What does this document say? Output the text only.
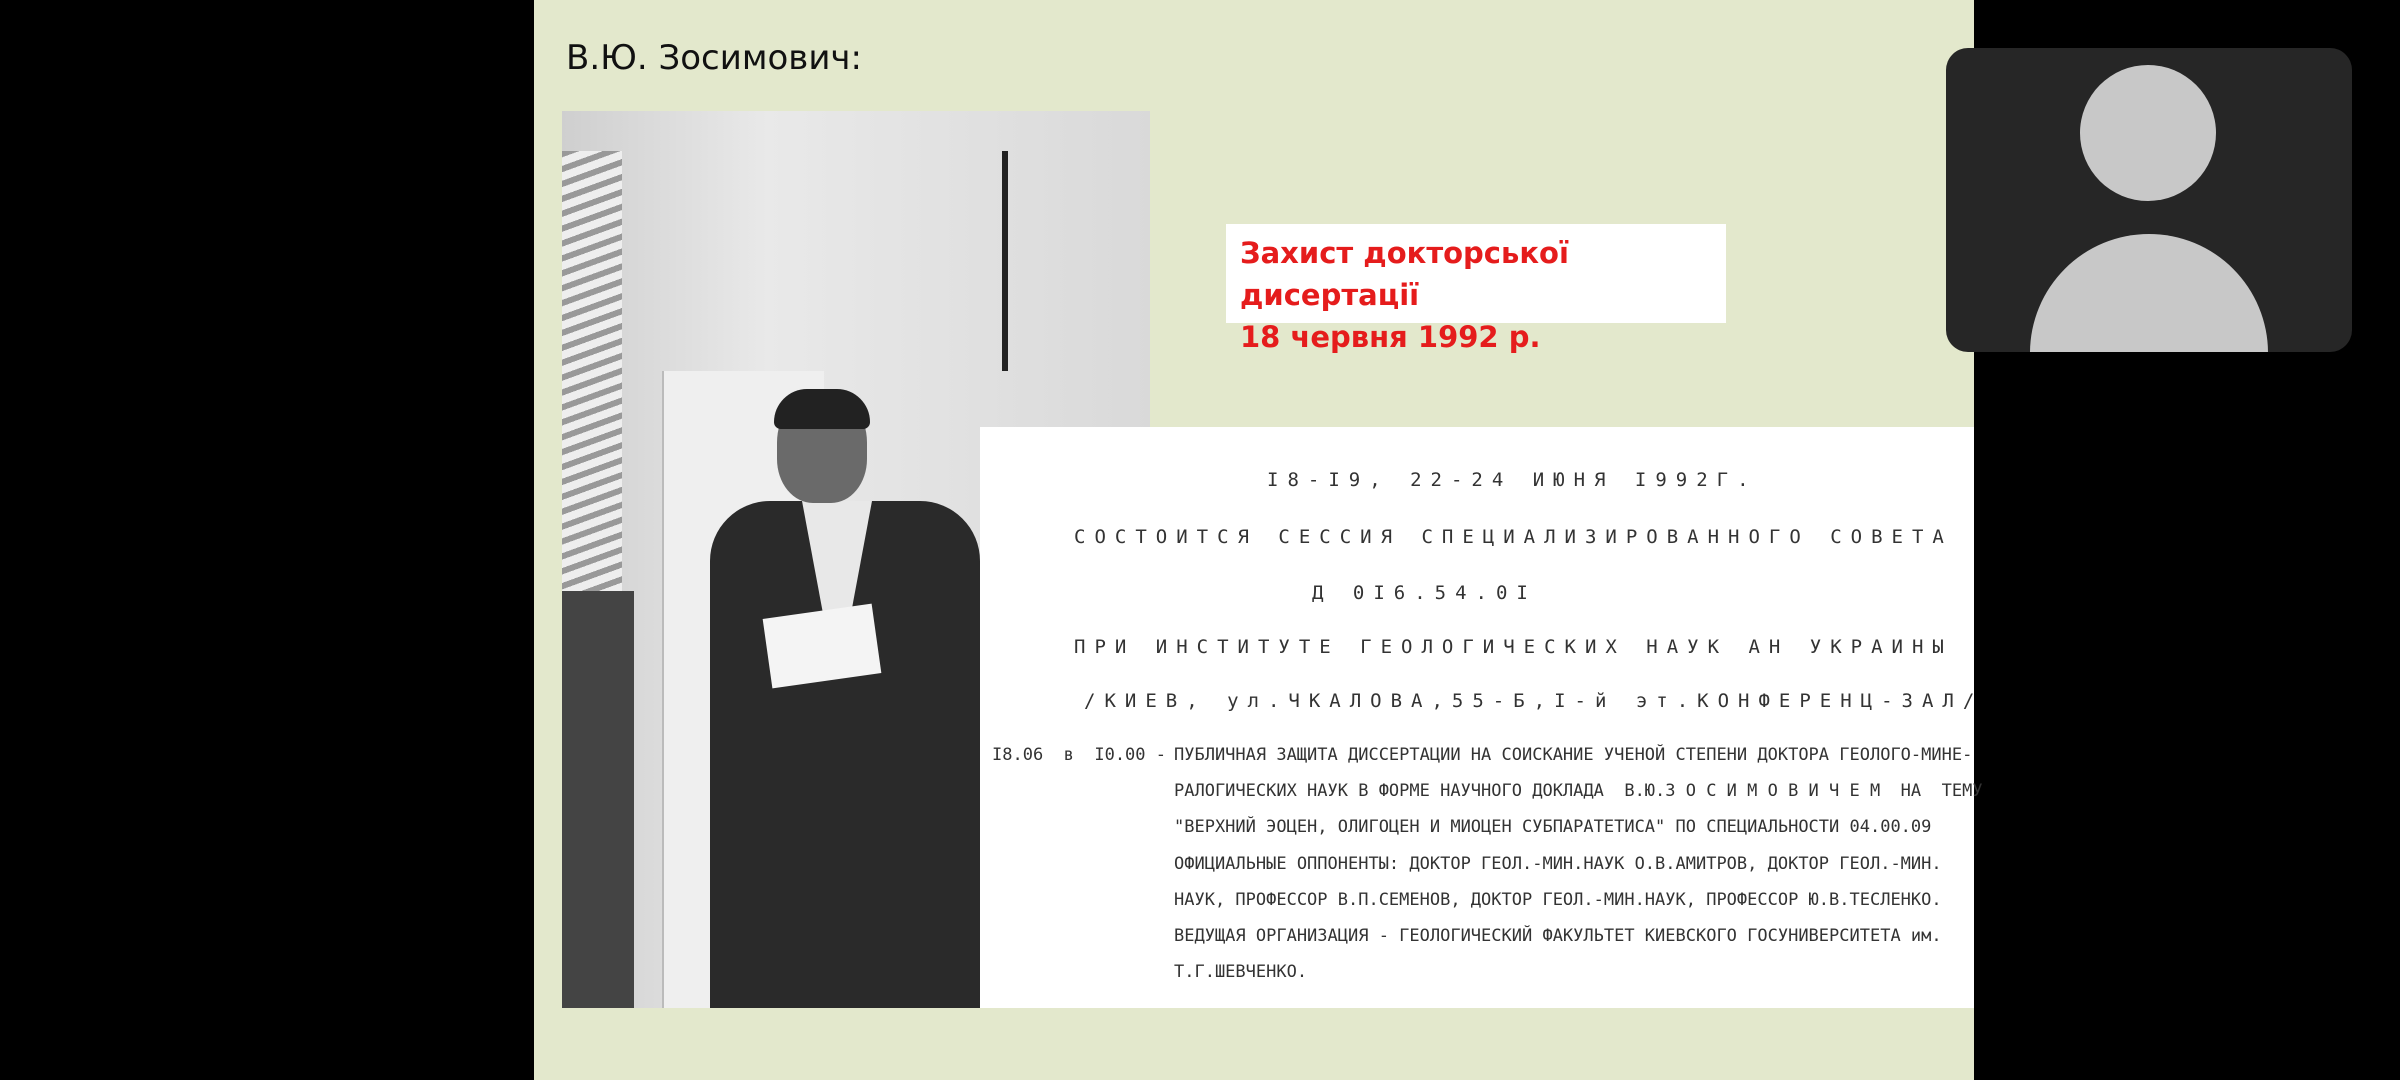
В.Ю. Зосимович:
Захист докторської дисертації
18 червня 1992 р.
I8-I9, 22-24 ИЮНЯ I992Г.
СОСТОИТСЯ СЕССИЯ СПЕЦИАЛИЗИРОВАННОГО СОВЕТА
Д 0I6.54.0I
ПРИ ИНСТИТУТЕ ГЕОЛОГИЧЕСКИХ НАУК АН УКРАИНЫ
/КИЕВ, ул.ЧКАЛОВА,55-Б,I-й эт.КОНФЕРЕНЦ-ЗАЛ/
I8.06  в  I0.00 - ПУБЛИЧНАЯ ЗАЩИТА ДИССЕРТАЦИИ НА СОИСКАНИЕ УЧЕНОЙ СТЕПЕНИ ДОКТОРА ГЕОЛОГО-МИНЕ-
РАЛОГИЧЕСКИХ НАУК В ФОРМЕ НАУЧНОГО ДОКЛАДА  В.Ю.З О С И М О В И Ч Е М  НА  ТЕМУ
"ВЕРХНИЙ ЭОЦЕН, ОЛИГОЦЕН И МИОЦЕН СУБПАРАТЕТИСА" ПО СПЕЦИАЛЬНОСТИ 04.00.09
ОФИЦИАЛЬНЫЕ ОППОНЕНТЫ: ДОКТОР ГЕОЛ.-МИН.НАУК О.В.АМИТРОВ, ДОКТОР ГЕОЛ.-МИН.
НАУК, ПРОФЕССОР В.П.СЕМЕНОВ, ДОКТОР ГЕОЛ.-МИН.НАУК, ПРОФЕССОР Ю.В.ТЕСЛЕНКО.
ВЕДУЩАЯ ОРГАНИЗАЦИЯ - ГЕОЛОГИЧЕСКИЙ ФАКУЛЬТЕТ КИЕВСКОГО ГОСУНИВЕРСИТЕТА им.
Т.Г.ШЕВЧЕНКО.
